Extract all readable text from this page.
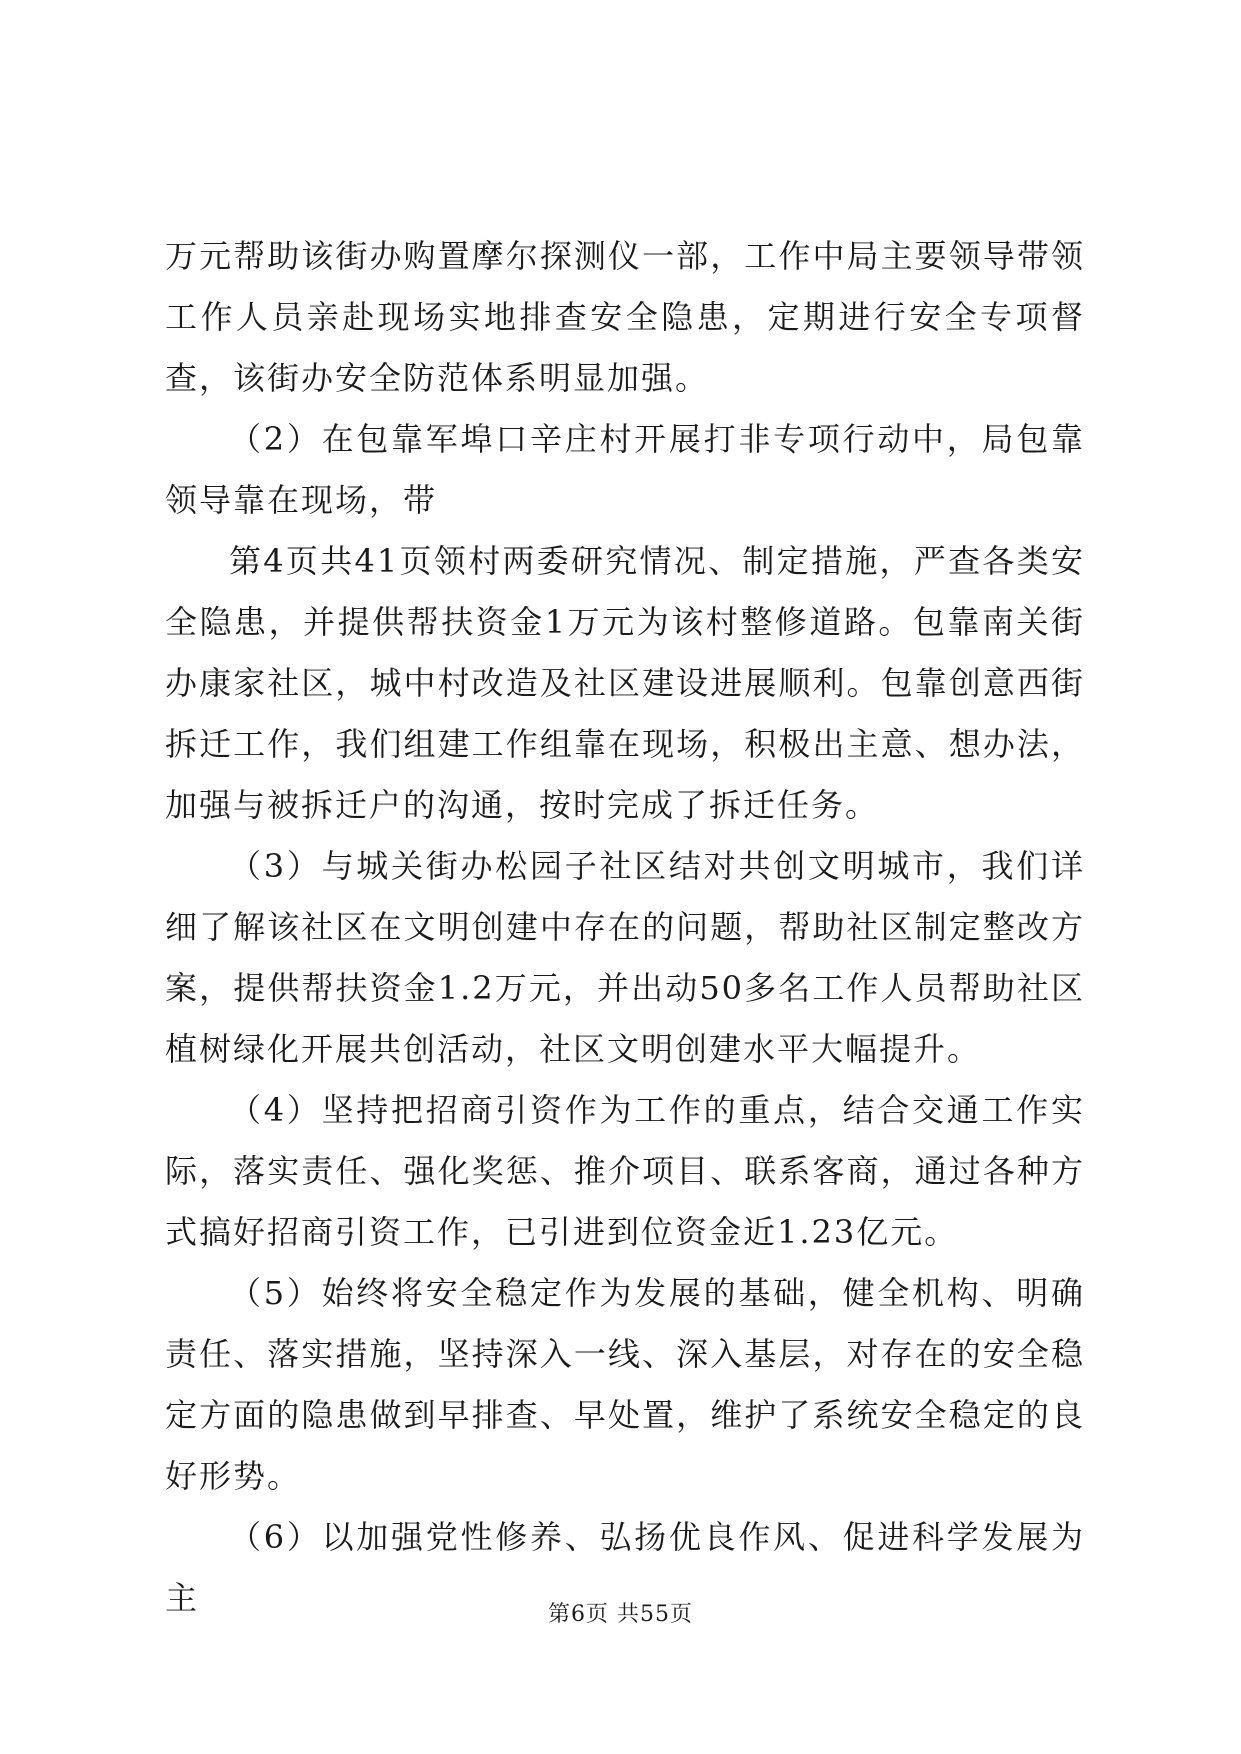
万元帮助该街办购置摩尔探测仪一部，工作中局主要领导带领工作人员亲赴现场实地排查安全隐患，定期进行安全专项督查，该街办安全防范体系明显加强。

（2）在包靠军埠口辛庄村开展打非专项行动中，局包靠领导靠在现场，带

第4页共41页领村两委研究情况、制定措施，严查各类安全隐患，并提供帮扶资金1万元为该村整修道路。包靠南关街办康家社区，城中村改造及社区建设进展顺利。包靠创意西街拆迁工作，我们组建工作组靠在现场，积极出主意、想办法，加强与被拆迁户的沟通，按时完成了拆迁任务。

（3）与城关街办松园子社区结对共创文明城市，我们详细了解该社区在文明创建中存在的问题，帮助社区制定整改方案，提供帮扶资金1.2万元，并出动50多名工作人员帮助社区植树绿化开展共创活动，社区文明创建水平大幅提升。

（4）坚持把招商引资作为工作的重点，结合交通工作实际，落实责任、强化奖惩、推介项目、联系客商，通过各种方式搞好招商引资工作，已引进到位资金近1.23亿元。

（5）始终将安全稳定作为发展的基础，健全机构、明确责任、落实措施，坚持深入一线、深入基层，对存在的安全稳定方面的隐患做到早排查、早处置，维护了系统安全稳定的良好形势。

（6）以加强党性修养、弘扬优良作风、促进科学发展为主	第6页 共55页
